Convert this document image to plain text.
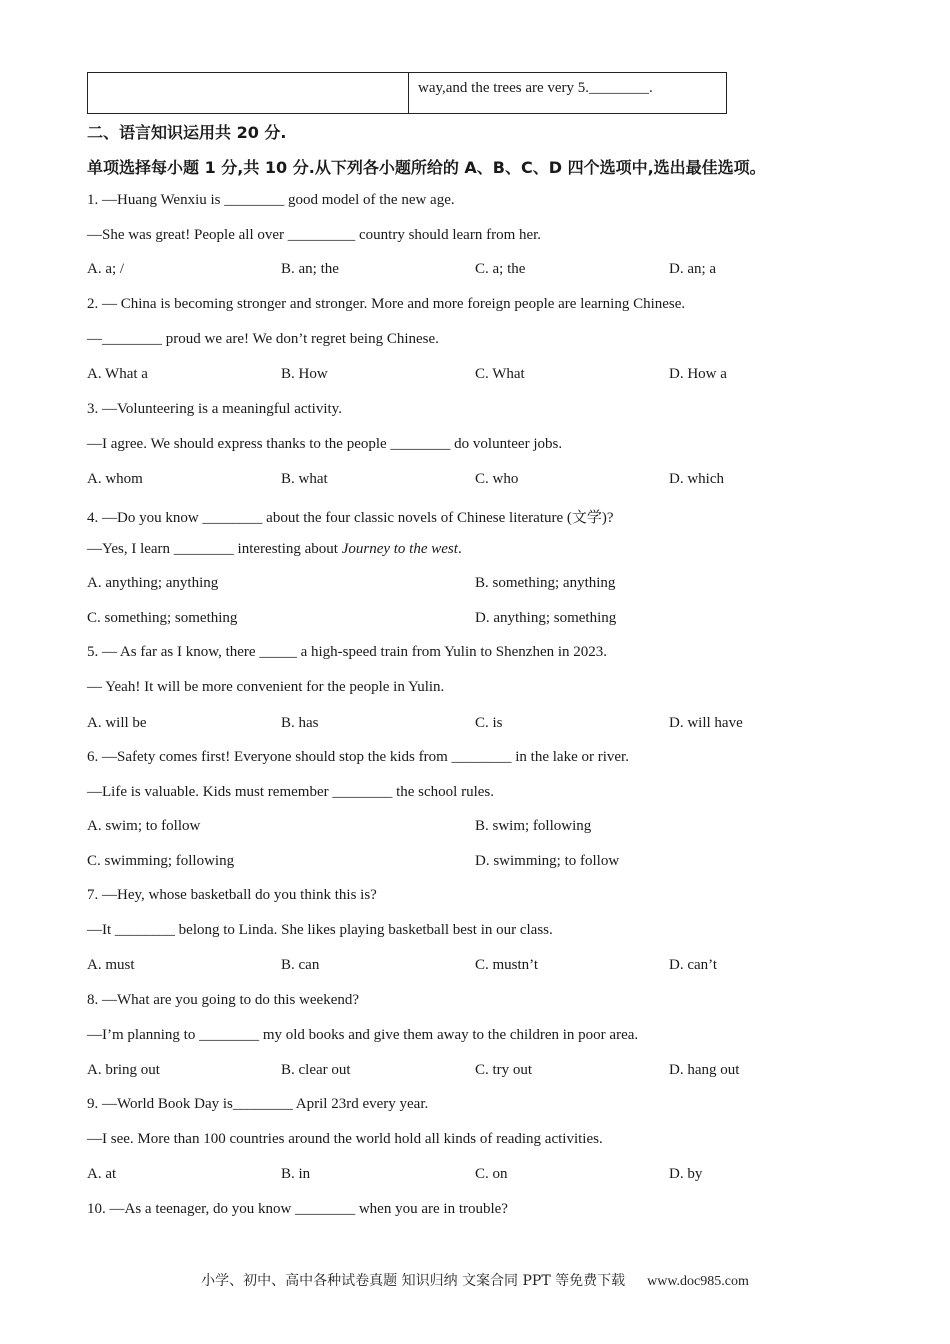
way,and the trees are very 5.________.
二、语言知识运用共 20 分.
单项选择每小题 1 分,共 10 分.从下列各小题所给的 A、B、C、D 四个选项中,选出最佳选项。
1. —Huang Wenxiu is ________ good model of the new age.
—She was great! People all over _________ country should learn from her.
A. a; /	B. an; the	C. a; the	D. an; a
2. — China is becoming stronger and stronger. More and more foreign people are learning Chinese.
—________ proud we are! We don’t regret being Chinese.
A. What a	B. How	C. What	D. How a
3. —Volunteering is a meaningful activity.
—I agree. We should express thanks to the people ________ do volunteer jobs.
A. whom	B. what	C. who	D. which
4. —Do you know ________ about the four classic novels of Chinese literature (文学)?
—Yes, I learn ________ interesting about Journey to the west.
A. anything; anything	B. something; anything
C. something; something	D. anything; something
5. — As far as I know, there _____ a high-speed train from Yulin to Shenzhen in 2023.
— Yeah! It will be more convenient for the people in Yulin.
A. will be	B. has	C. is	D. will have
6. —Safety comes first! Everyone should stop the kids from ________ in the lake or river.
—Life is valuable. Kids must remember ________ the school rules.
A. swim; to follow	B. swim; following
C. swimming; following	D. swimming; to follow
7. —Hey, whose basketball do you think this is?
—It ________ belong to Linda. She likes playing basketball best in our class.
A. must	B. can	C. mustn’t	D. can’t
8. —What are you going to do this weekend?
—I’m planning to ________ my old books and give them away to the children in poor area.
A. bring out	B. clear out	C. try out	D. hang out
9. —World Book Day is________ April 23rd every year.
—I see. More than 100 countries around the world hold all kinds of reading activities.
A. at	B. in	C. on	D. by
10. —As a teenager, do you know ________ when you are in trouble?
小学、初中、高中各种试卷真题 知识归纳 文案合同 PPT 等免费下载 www.doc985.com
